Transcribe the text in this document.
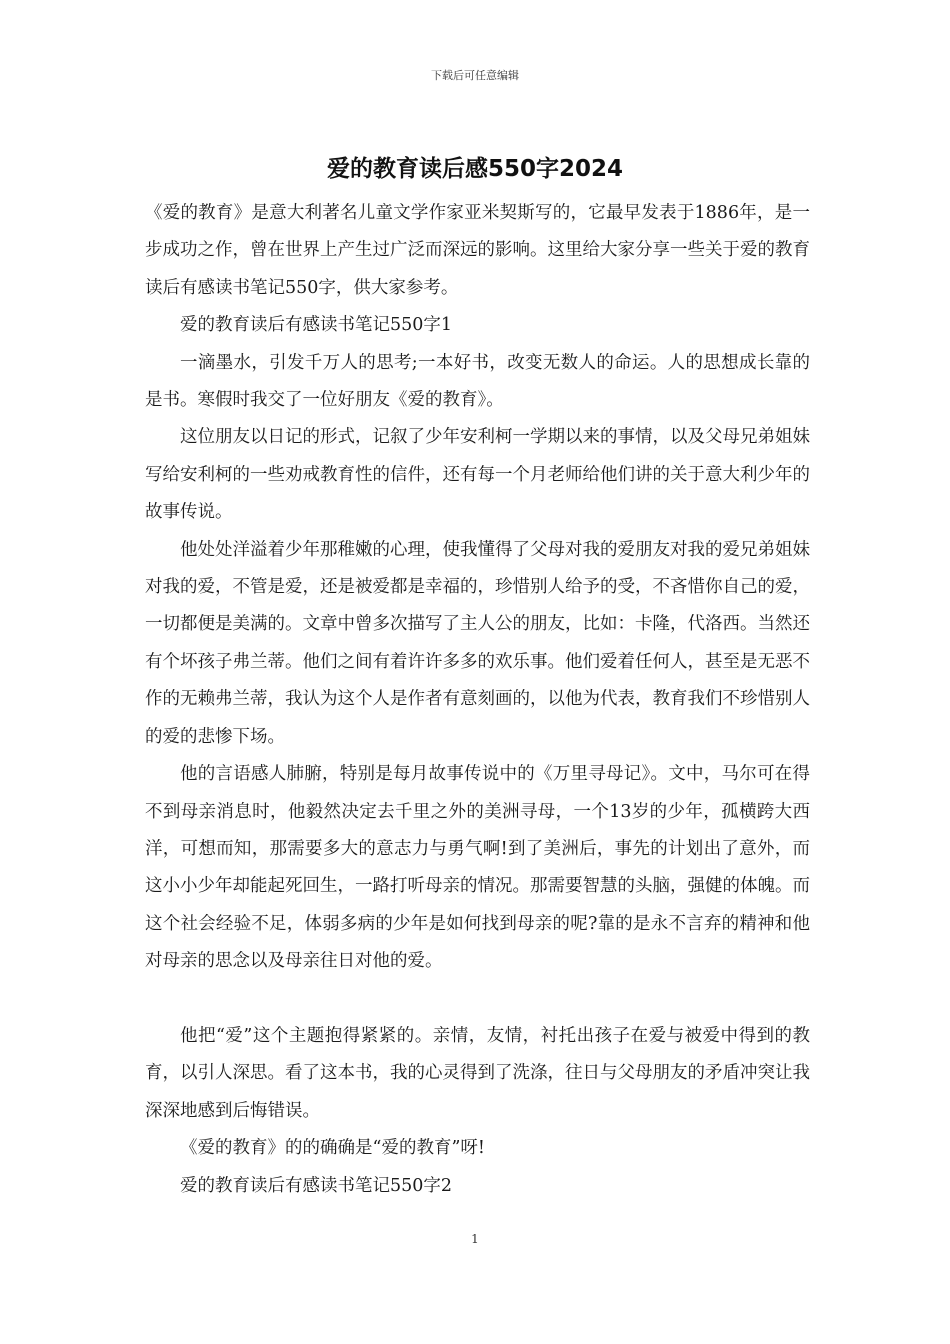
下载后可任意编辑
爱的教育读后感550字2024

《爱的教育》是意大利著名儿童文学作家亚米契斯写的，它最早发表于1886年，是一步成功之作，曾在世界上产生过广泛而深远的影响。这里给大家分享一些关于爱的教育读后有感读书笔记550字，供大家参考。

爱的教育读后有感读书笔记550字1

一滴墨水，引发千万人的思考;一本好书，改变无数人的命运。人的思想成长靠的是书。寒假时我交了一位好朋友《爱的教育》。

这位朋友以日记的形式，记叙了少年安利柯一学期以来的事情，以及父母兄弟姐妹写给安利柯的一些劝戒教育性的信件，还有每一个月老师给他们讲的关于意大利少年的故事传说。

他处处洋溢着少年那稚嫩的心理，使我懂得了父母对我的爱朋友对我的爱兄弟姐妹对我的爱，不管是爱，还是被爱都是幸福的，珍惜别人给予的受，不吝惜你自己的爱，一切都便是美满的。文章中曾多次描写了主人公的朋友，比如：卡隆，代洛西。当然还有个坏孩子弗兰蒂。他们之间有着许许多多的欢乐事。他们爱着任何人，甚至是无恶不作的无赖弗兰蒂，我认为这个人是作者有意刻画的，以他为代表，教育我们不珍惜别人的爱的悲惨下场。

他的言语感人肺腑，特别是每月故事传说中的《万里寻母记》。文中，马尔可在得不到母亲消息时，他毅然决定去千里之外的美洲寻母，一个13岁的少年，孤横跨大西洋，可想而知，那需要多大的意志力与勇气啊!到了美洲后，事先的计划出了意外，而这小小少年却能起死回生，一路打听母亲的情况。那需要智慧的头脑，强健的体魄。而这个社会经验不足，体弱多病的少年是如何找到母亲的呢?靠的是永不言弃的精神和他对母亲的思念以及母亲往日对他的爱。

他把“爱”这个主题抱得紧紧的。亲情，友情，衬托出孩子在爱与被爱中得到的教育，以引人深思。看了这本书，我的心灵得到了洗涤，往日与父母朋友的矛盾冲突让我深深地感到后悔错误。

《爱的教育》的的确确是“爱的教育”呀!

爱的教育读后有感读书笔记550字2

1
